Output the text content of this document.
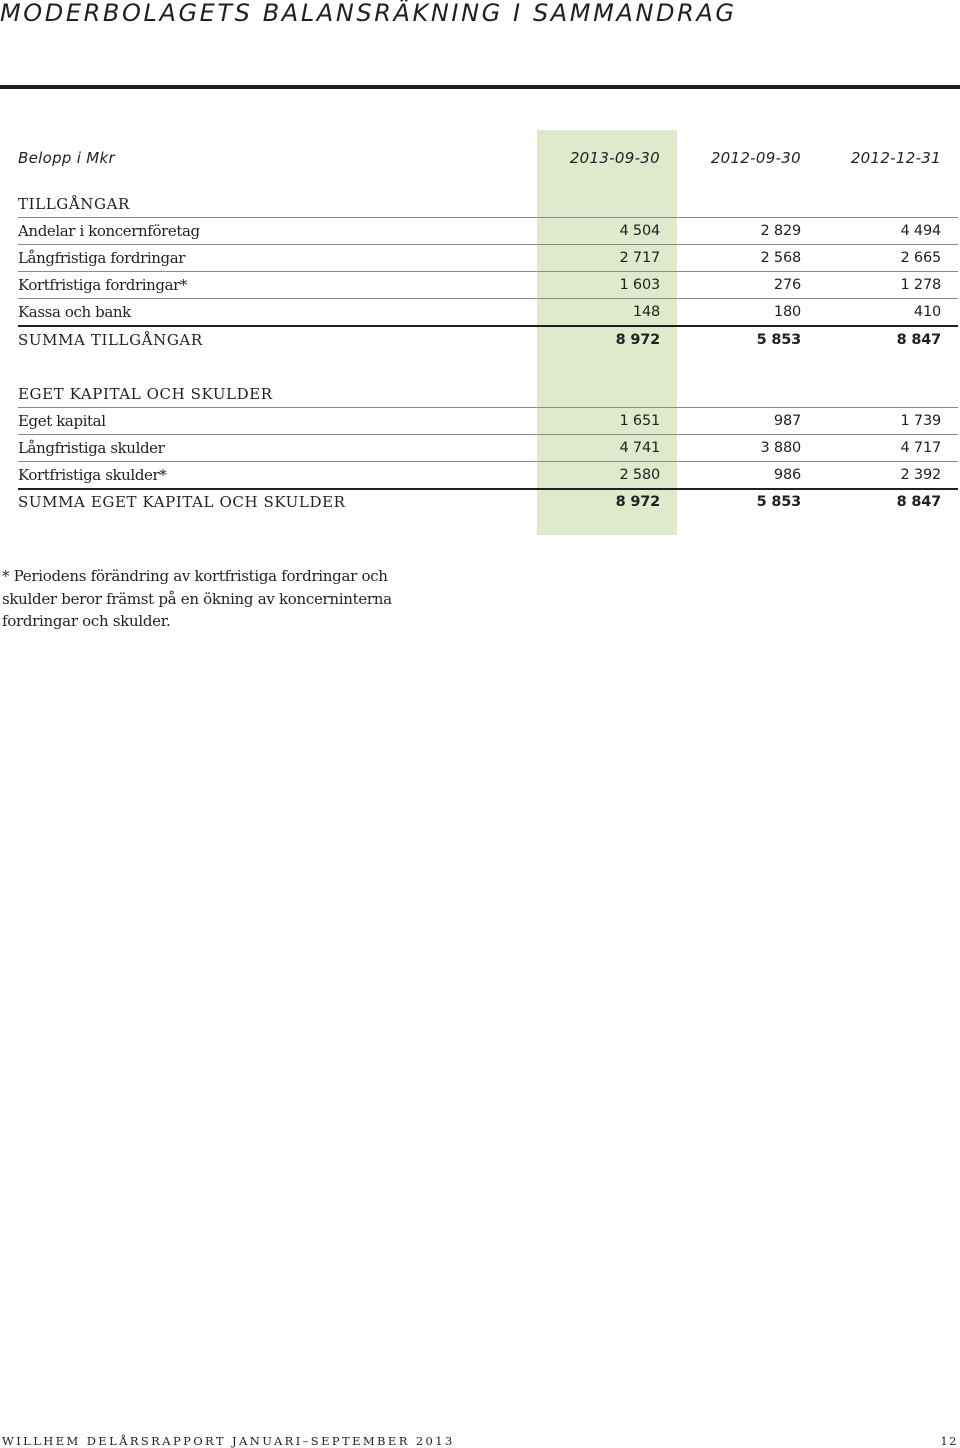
MODERBOLAGETS BALANSRÄKNING I SAMMANDRAG
Belopp i Mkr	2013-09-30	2012-09-30	2012-12-31
TILLGÅNGAR
Andelar i koncernföretag	4 504	2 829	4 494
Långfristiga fordringar	2 717	2 568	2 665
Kortfristiga fordringar*	1 603	276	1 278
Kassa och bank	148	180	410
SUMMA TILLGÅNGAR	8 972	5 853	8 847
EGET KAPITAL OCH SKULDER
Eget kapital	1 651	987	1 739
Långfristiga skulder	4 741	3 880	4 717
Kortfristiga skulder*	2 580	986	2 392
SUMMA EGET KAPITAL OCH SKULDER	8 972	5 853	8 847
* Periodens förändring av kortfristiga fordringar och skulder beror främst på en ökning av koncerninterna fordringar och skulder.
WILLHEM DELÅRSRAPPORT JANUARI–SEPTEMBER 2013	12
